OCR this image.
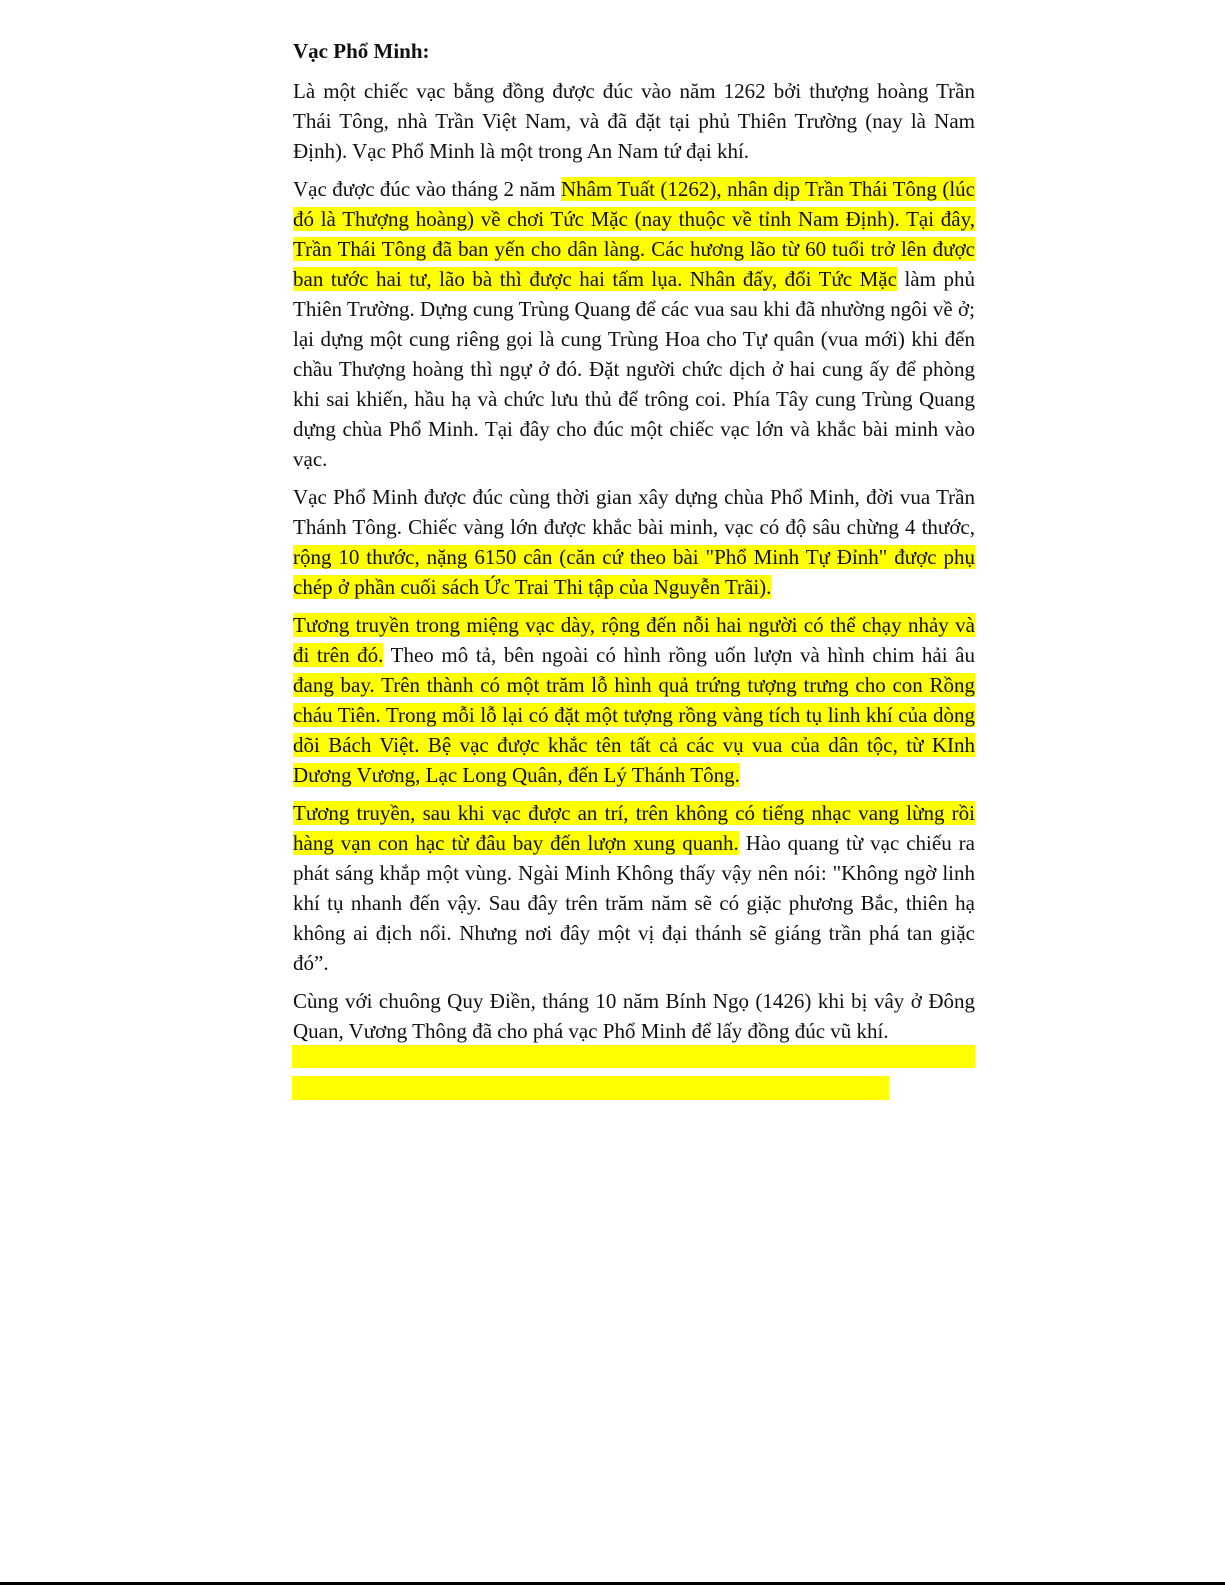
Vạc Phổ Minh:

Là một chiếc vạc bằng đồng được đúc vào năm 1262 bởi thượng hoàng Trần Thái Tông, nhà Trần Việt Nam, và đã đặt tại phủ Thiên Trường (nay là Nam Định). Vạc Phổ Minh là một trong An Nam tứ đại khí.

Vạc được đúc vào tháng 2 năm Nhâm Tuất (1262), nhân dịp Trần Thái Tông (lúc đó là Thượng hoàng) về chơi Tức Mặc (nay thuộc về tỉnh Nam Định). Tại đây, Trần Thái Tông đã ban yến cho dân làng. Các hương lão từ 60 tuổi trở lên được ban tước hai tư, lão bà thì được hai tấm lụa. Nhân đấy, đổi Tức Mặc làm phủ Thiên Trường. Dựng cung Trùng Quang để các vua sau khi đã nhường ngôi về ở; lại dựng một cung riêng gọi là cung Trùng Hoa cho Tự quân (vua mới) khi đến chầu Thượng hoàng thì ngự ở đó. Đặt người chức dịch ở hai cung ấy để phòng khi sai khiến, hầu hạ và chức lưu thủ để trông coi. Phía Tây cung Trùng Quang dựng chùa Phổ Minh. Tại đây cho đúc một chiếc vạc lớn và khắc bài minh vào vạc.

Vạc Phổ Minh được đúc cùng thời gian xây dựng chùa Phổ Minh, đời vua Trần Thánh Tông. Chiếc vàng lớn được khắc bài minh, vạc có độ sâu chừng 4 thước, rộng 10 thước, nặng 6150 cân (căn cứ theo bài "Phổ Minh Tự Đỉnh" được phụ chép ở phần cuối sách Ức Trai Thi tập của Nguyễn Trãi).

Tương truyền trong miệng vạc dày, rộng đến nỗi hai người có thể chạy nhảy và đi trên đó. Theo mô tả, bên ngoài có hình rồng uốn lượn và hình chim hải âu đang bay. Trên thành có một trăm lỗ hình quả trứng tượng trưng cho con Rồng cháu Tiên. Trong mỗi lỗ lại có đặt một tượng rồng vàng tích tụ linh khí của dòng dõi Bách Việt. Bệ vạc được khắc tên tất cả các vụ vua của dân tộc, từ KInh Dương Vương, Lạc Long Quân, đến Lý Thánh Tông.

Tương truyền, sau khi vạc được an trí, trên không có tiếng nhạc vang lừng rồi hàng vạn con hạc từ đâu bay đến lượn xung quanh. Hào quang từ vạc chiếu ra phát sáng khắp một vùng. Ngài Minh Không thấy vậy nên nói: "Không ngờ linh khí tụ nhanh đến vậy. Sau đây trên trăm năm sẽ có giặc phương Bắc, thiên hạ không ai địch nổi. Nhưng nơi đây một vị đại thánh sẽ giáng trần phá tan giặc đó”.

Cùng với chuông Quy Điền, tháng 10 năm Bính Ngọ (1426) khi bị vây ở Đông Quan, Vương Thông đã cho phá vạc Phổ Minh để lấy đồng đúc vũ khí.
